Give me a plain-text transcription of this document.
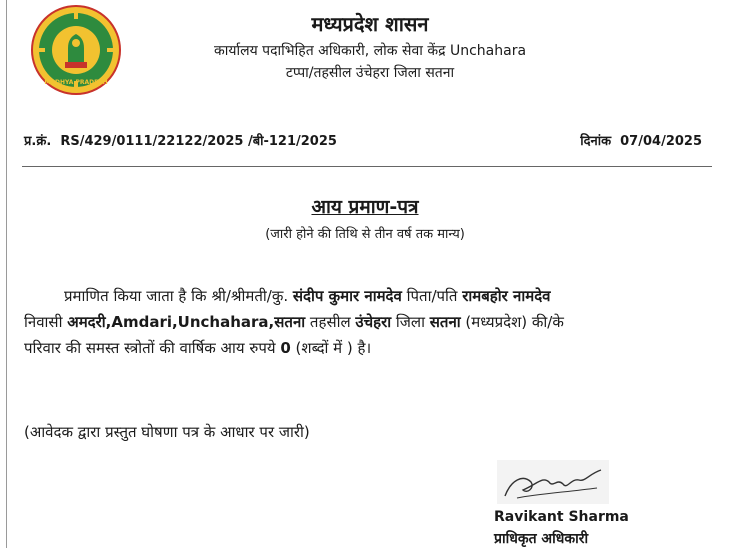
MADHYA PRADESH
मध्यप्रदेश शासन
कार्यालय पदाभिहित अधिकारी, लोक सेवा केंद्र Unchahara
टप्पा/तहसील उंचेहरा जिला सतना
प्र.क्रं. RS/429/0111/22122/2025 /बी-121/2025	दिनांक 07/04/2025
आय प्रमाण-पत्र
(जारी होने की तिथि से तीन वर्ष तक मान्य)
प्रमाणित किया जाता है कि श्री/श्रीमती/कु. संदीप कुमार नामदेव पिता/पति रामबहोर नामदेव
निवासी अमदरी,Amdari,Unchahara,सतना तहसील उंचेहरा जिला सतना (मध्यप्रदेश) की/के
परिवार की समस्त स्त्रोतों की वार्षिक आय रुपये 0 (शब्दों में ) है।
(आवेदक द्वारा प्रस्तुत घोषणा पत्र के आधार पर जारी)
Ravikant Sharma
प्राधिकृत अधिकारी
